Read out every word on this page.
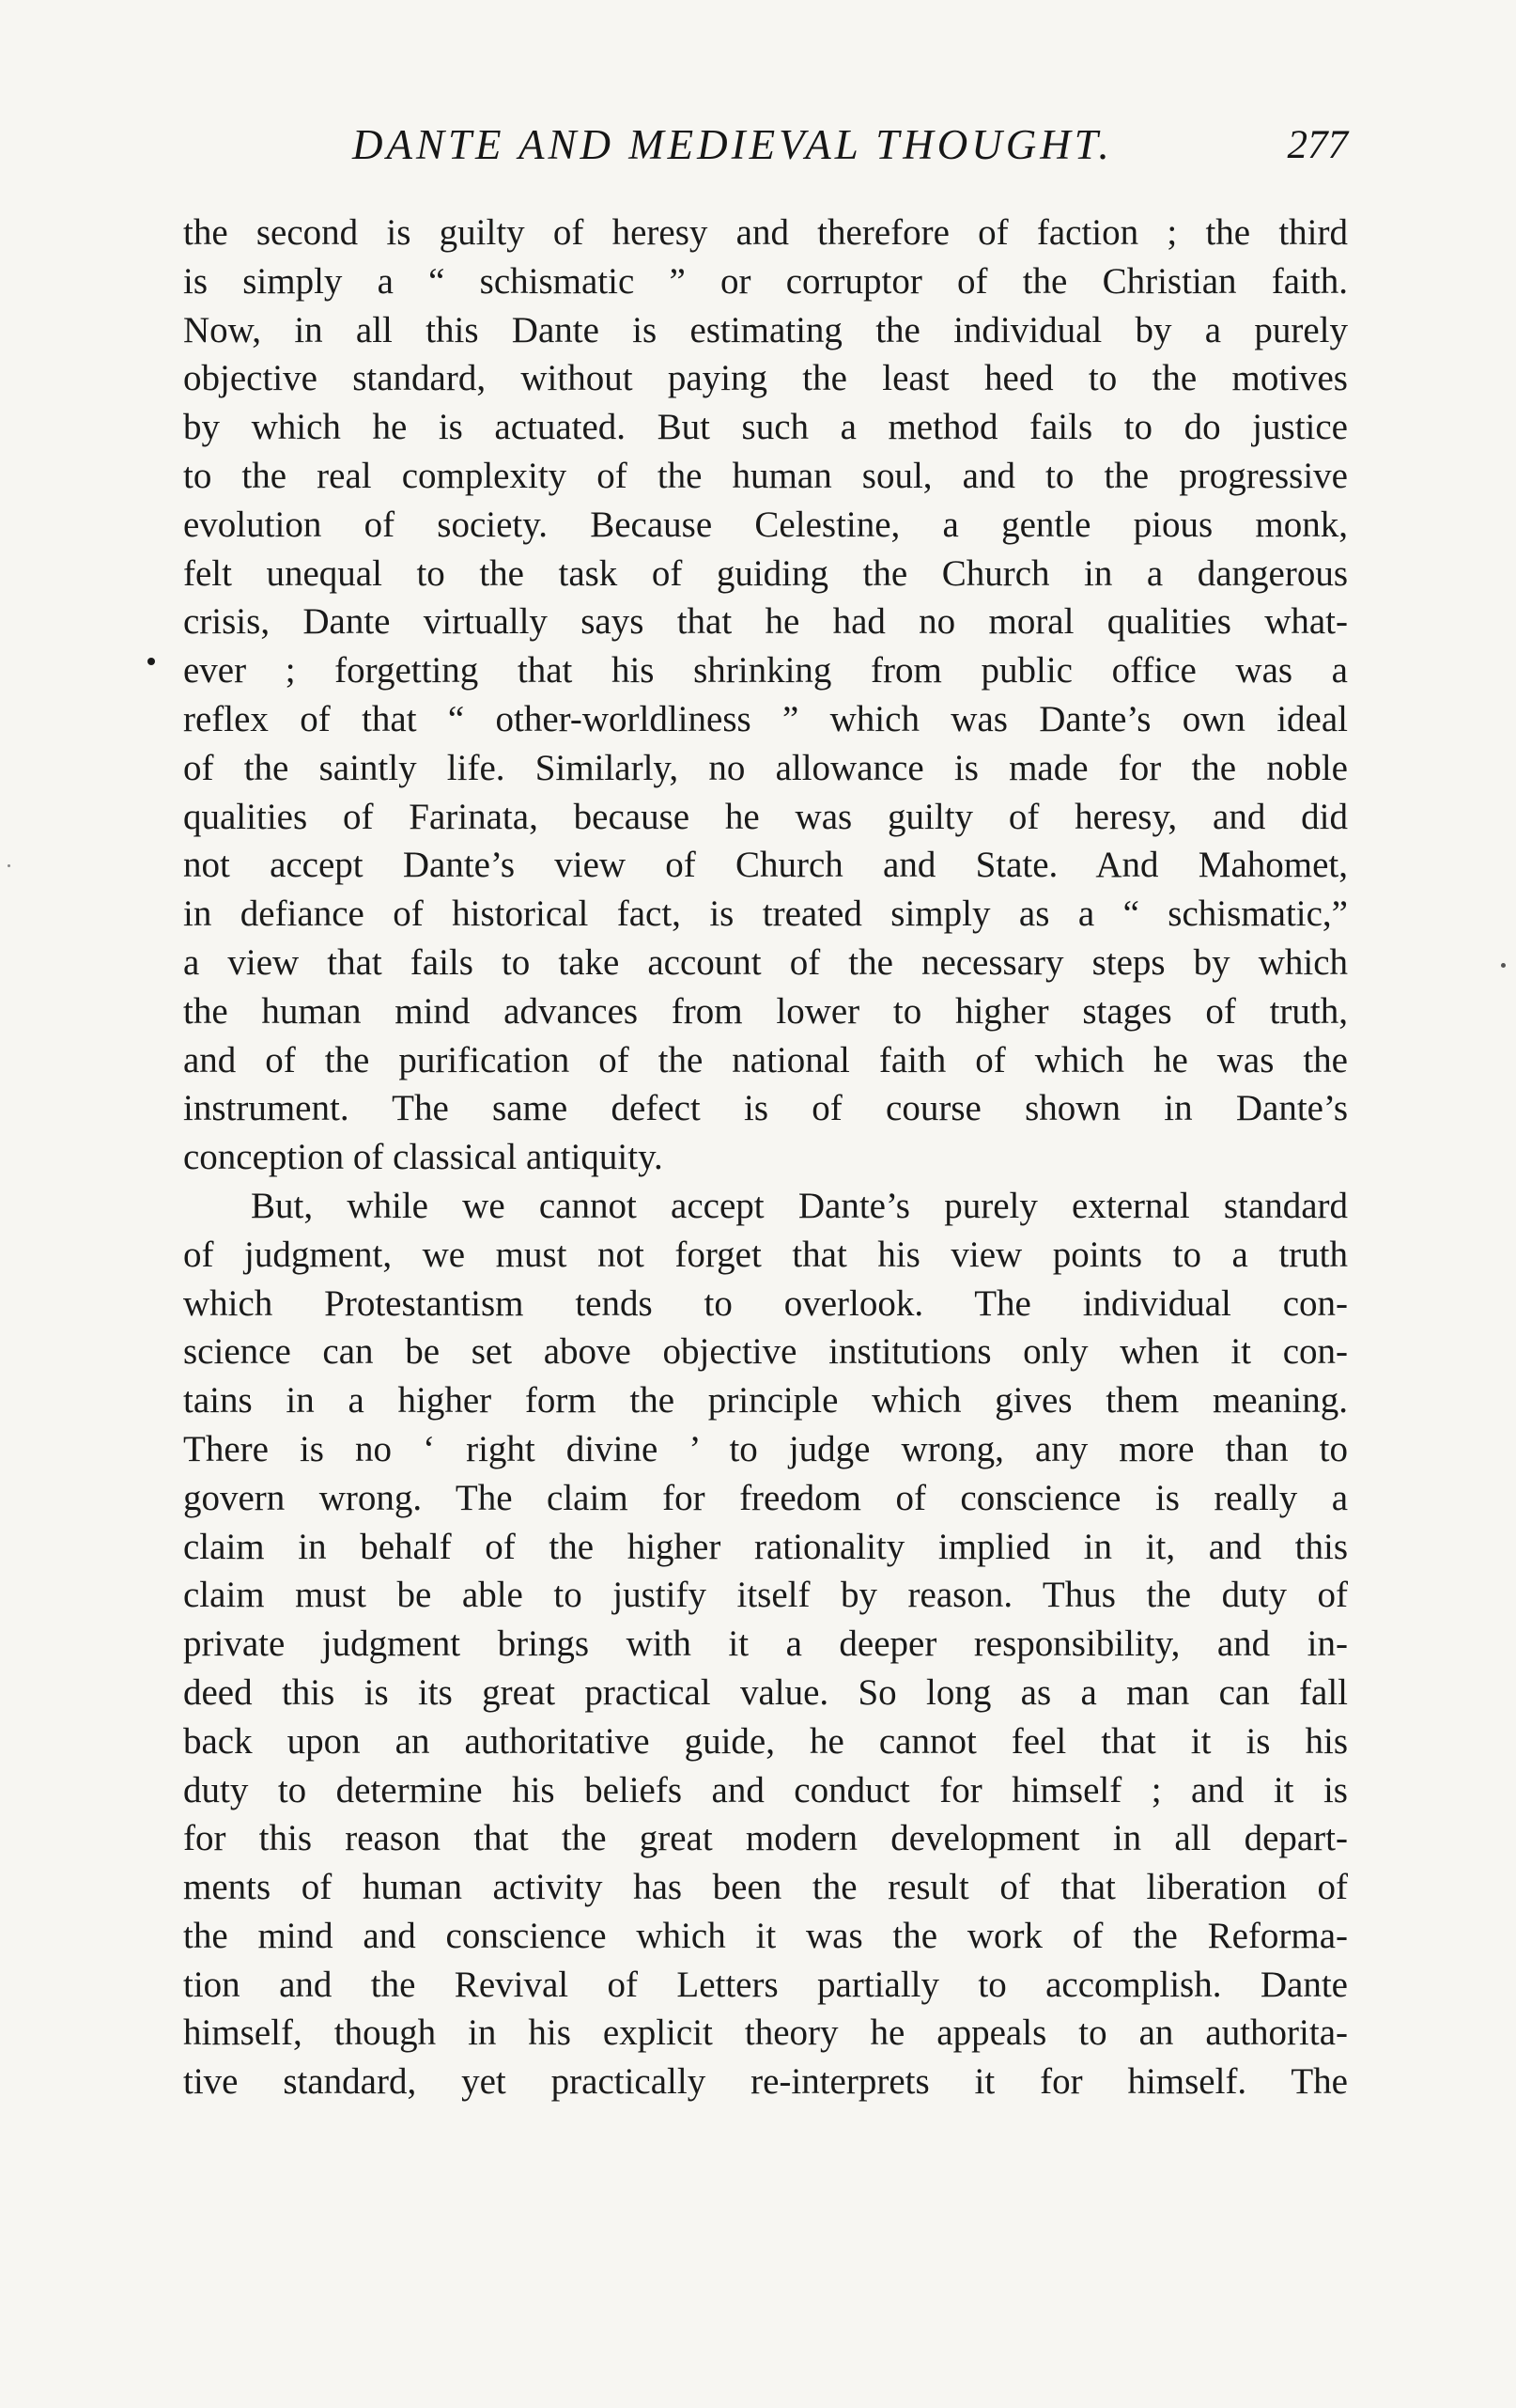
DANTE AND MEDIEVAL THOUGHT.	277
the second is guilty of heresy and therefore of faction ; the third
is simply a “ schismatic ” or corruptor of the Christian faith.
Now, in all this Dante is estimating the individual by a purely
objective standard, without paying the least heed to the motives
by which he is actuated. But such a method fails to do justice
to the real complexity of the human soul, and to the progressive
evolution of society. Because Celestine, a gentle pious monk,
felt unequal to the task of guiding the Church in a dangerous
crisis, Dante virtually says that he had no moral qualities what-
ever ; forgetting that his shrinking from public office was a
reflex of that “ other-worldliness ” which was Dante’s own ideal
of the saintly life. Similarly, no allowance is made for the noble
qualities of Farinata, because he was guilty of heresy, and did
not accept Dante’s view of Church and State. And Mahomet,
in defiance of historical fact, is treated simply as a “ schismatic,”
a view that fails to take account of the necessary steps by which
the human mind advances from lower to higher stages of truth,
and of the purification of the national faith of which he was the
instrument. The same defect is of course shown in Dante’s
conception of classical antiquity.
But, while we cannot accept Dante’s purely external standard
of judgment, we must not forget that his view points to a truth
which Protestantism tends to overlook. The individual con-
science can be set above objective institutions only when it con-
tains in a higher form the principle which gives them meaning.
There is no ‘ right divine ’ to judge wrong, any more than to
govern wrong. The claim for freedom of conscience is really a
claim in behalf of the higher rationality implied in it, and this
claim must be able to justify itself by reason. Thus the duty of
private judgment brings with it a deeper responsibility, and in-
deed this is its great practical value. So long as a man can fall
back upon an authoritative guide, he cannot feel that it is his
duty to determine his beliefs and conduct for himself ; and it is
for this reason that the great modern development in all depart-
ments of human activity has been the result of that liberation of
the mind and conscience which it was the work of the Reforma-
tion and the Revival of Letters partially to accomplish. Dante
himself, though in his explicit theory he appeals to an authorita-
tive standard, yet practically re-interprets it for himself. The
